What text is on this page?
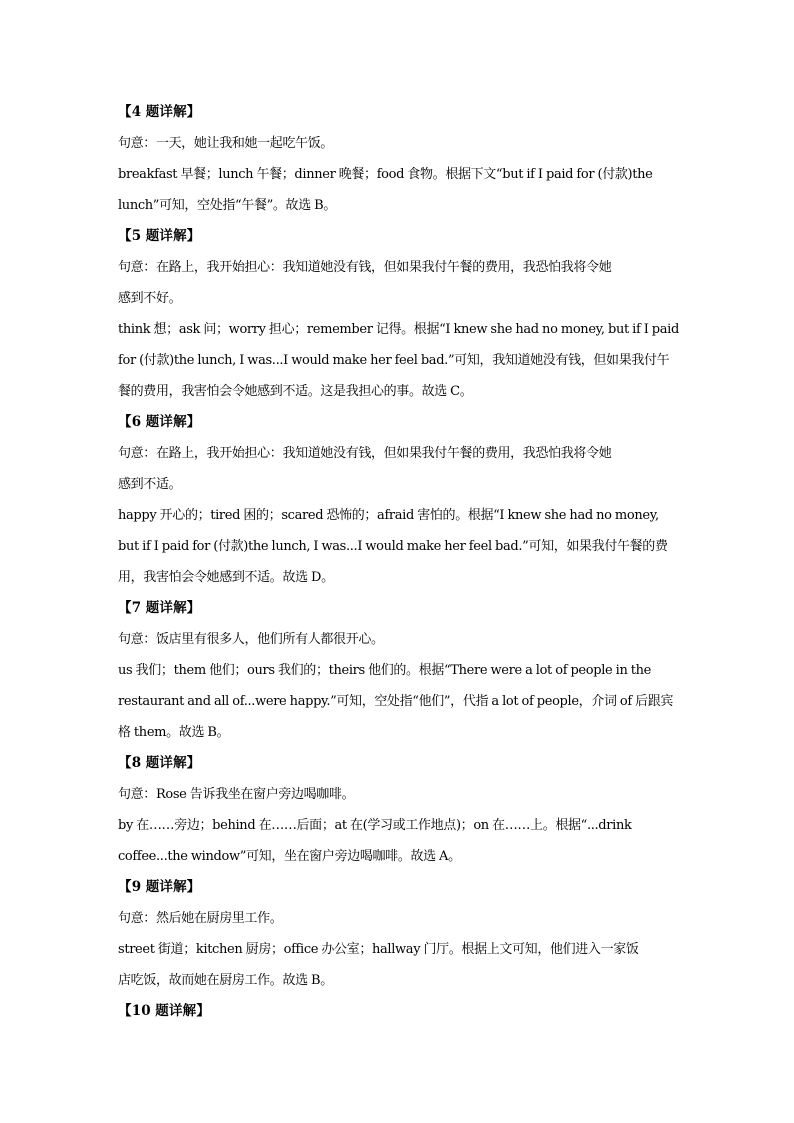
【4 题详解】
句意：一天，她让我和她一起吃午饭。
breakfast 早餐；lunch 午餐；dinner 晚餐；food 食物。根据下文“but if I paid for (付款)the
lunch”可知，空处指“午餐”。故选 B。
【5 题详解】
句意：在路上，我开始担心：我知道她没有钱，但如果我付午餐的费用，我恐怕我将令她
感到不好。
think 想；ask 问；worry 担心；remember 记得。根据“I knew she had no money, but if I paid
for (付款)the lunch, I was...I would make her feel bad.”可知，我知道她没有钱，但如果我付午
餐的费用，我害怕会令她感到不适。这是我担心的事。故选 C。
【6 题详解】
句意：在路上，我开始担心：我知道她没有钱，但如果我付午餐的费用，我恐怕我将令她
感到不适。
happy 开心的；tired 困的；scared 恐怖的；afraid 害怕的。根据“I knew she had no money,
but if I paid for (付款)the lunch, I was...I would make her feel bad.”可知，如果我付午餐的费
用，我害怕会令她感到不适。故选 D。
【7 题详解】
句意：饭店里有很多人，他们所有人都很开心。
us 我们；them 他们；ours 我们的；theirs 他们的。根据“There were a lot of people in the
restaurant and all of...were happy.”可知，空处指“他们”，代指 a lot of people，介词 of 后跟宾
格 them。故选 B。
【8 题详解】
句意：Rose 告诉我坐在窗户旁边喝咖啡。
by 在……旁边；behind 在……后面；at 在(学习或工作地点)；on 在……上。根据“...drink
coffee...the window”可知，坐在窗户旁边喝咖啡。故选 A。
【9 题详解】
句意：然后她在厨房里工作。
street 街道；kitchen 厨房；office 办公室；hallway 门厅。根据上文可知，他们进入一家饭
店吃饭，故而她在厨房工作。故选 B。
【10 题详解】
